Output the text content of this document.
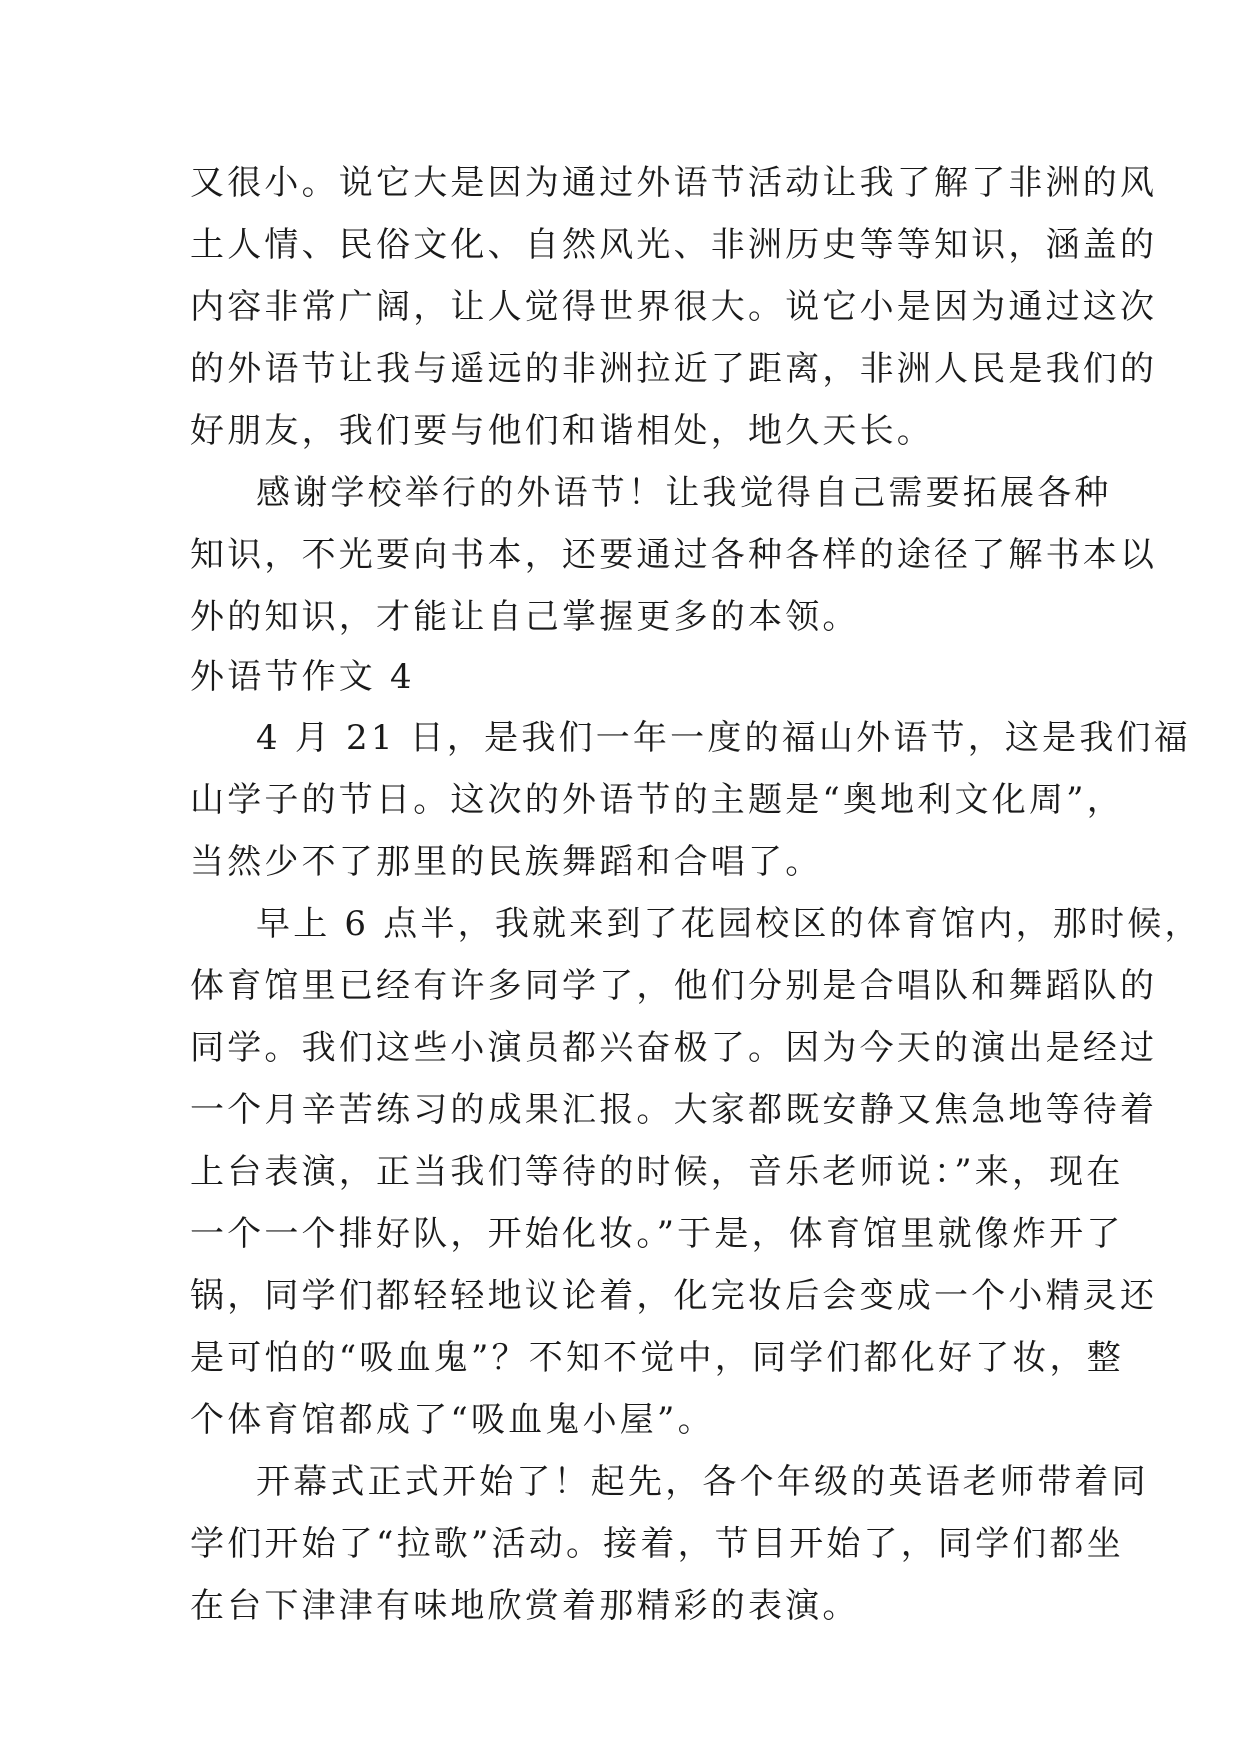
又很小。说它大是因为通过外语节活动让我了解了非洲的风
土人情、民俗文化、自然风光、非洲历史等等知识，涵盖的
内容非常广阔，让人觉得世界很大。说它小是因为通过这次
的外语节让我与遥远的非洲拉近了距离，非洲人民是我们的
好朋友，我们要与他们和谐相处，地久天长。
感谢学校举行的外语节！让我觉得自己需要拓展各种
知识，不光要向书本，还要通过各种各样的途径了解书本以
外的知识，才能让自己掌握更多的本领。
外语节作文 4
4 月 21 日，是我们一年一度的福山外语节，这是我们福
山学子的节日。这次的外语节的主题是“奥地利文化周”，
当然少不了那里的民族舞蹈和合唱了。
早上 6 点半，我就来到了花园校区的体育馆内，那时候，
体育馆里已经有许多同学了，他们分别是合唱队和舞蹈队的
同学。我们这些小演员都兴奋极了。因为今天的演出是经过
一个月辛苦练习的成果汇报。大家都既安静又焦急地等待着
上台表演，正当我们等待的时候，音乐老师说：”来，现在
一个一个排好队，开始化妆。”于是，体育馆里就像炸开了
锅，同学们都轻轻地议论着，化完妆后会变成一个小精灵还
是可怕的“吸血鬼”？不知不觉中，同学们都化好了妆，整
个体育馆都成了“吸血鬼小屋”。
开幕式正式开始了！起先，各个年级的英语老师带着同
学们开始了“拉歌”活动。接着，节目开始了，同学们都坐
在台下津津有味地欣赏着那精彩的表演。
